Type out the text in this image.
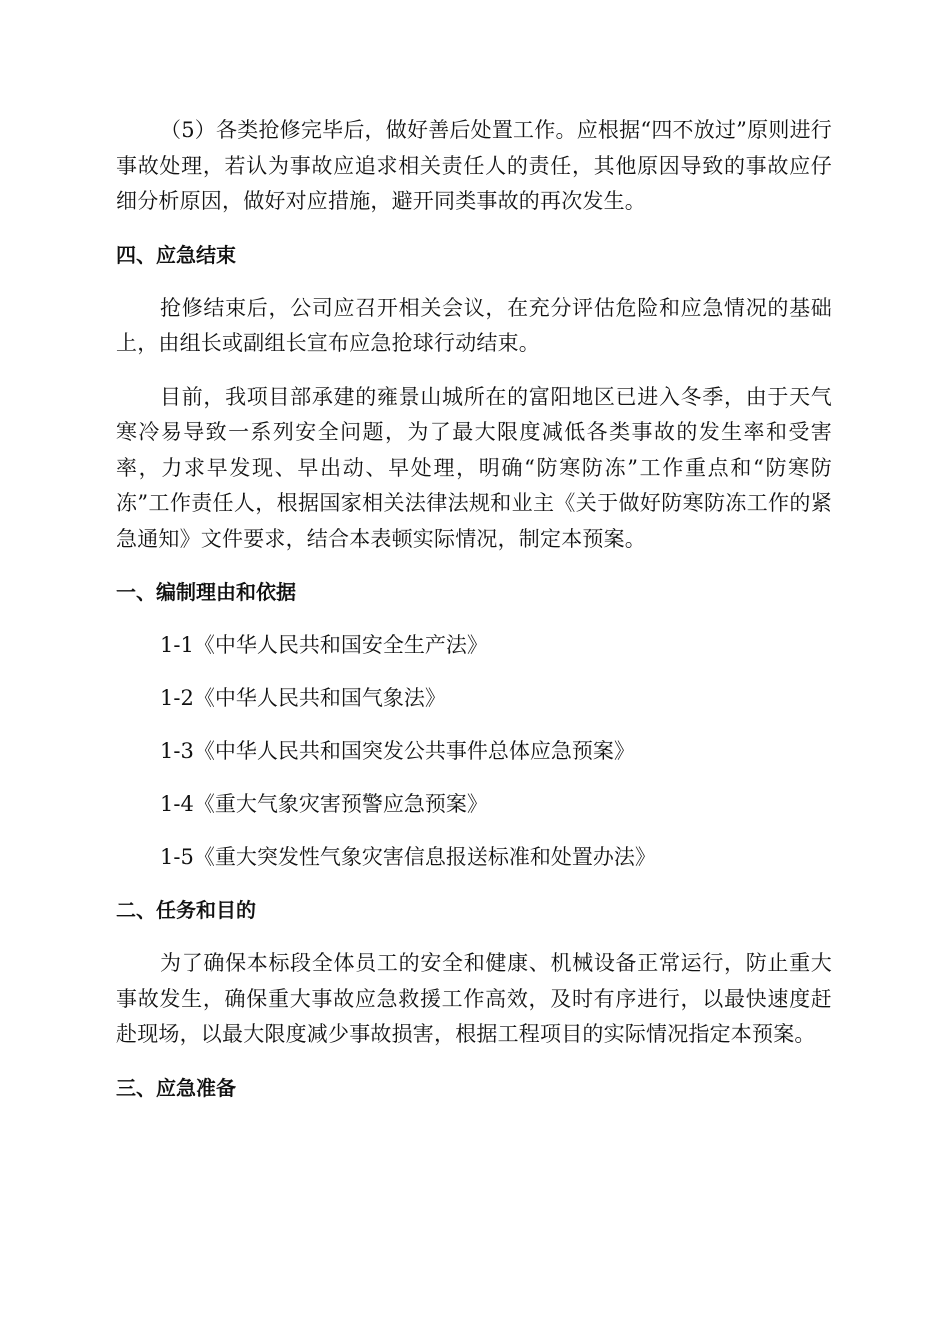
（5）各类抢修完毕后，做好善后处置工作。应根据“四不放过”原则进行事故处理，若认为事故应追求相关责任人的责任，其他原因导致的事故应仔细分析原因，做好对应措施，避开同类事故的再次发生。

四、应急结束

抢修结束后，公司应召开相关会议，在充分评估危险和应急情况的基础上，由组长或副组长宣布应急抢球行动结束。

目前，我项目部承建的雍景山城所在的富阳地区已进入冬季，由于天气寒冷易导致一系列安全问题，为了最大限度减低各类事故的发生率和受害率，力求早发现、早出动、早处理，明确“防寒防冻”工作重点和“防寒防冻”工作责任人，根据国家相关法律法规和业主《关于做好防寒防冻工作的紧急通知》文件要求，结合本表顿实际情况，制定本预案。

一、编制理由和依据
1-1《中华人民共和国安全生产法》
1-2《中华人民共和国气象法》
1-3《中华人民共和国突发公共事件总体应急预案》
1-4《重大气象灾害预警应急预案》
1-5《重大突发性气象灾害信息报送标准和处置办法》
二、任务和目的

为了确保本标段全体员工的安全和健康、机械设备正常运行，防止重大事故发生，确保重大事故应急救援工作高效，及时有序进行，以最快速度赶赴现场，以最大限度减少事故损害，根据工程项目的实际情况指定本预案。

三、应急准备
